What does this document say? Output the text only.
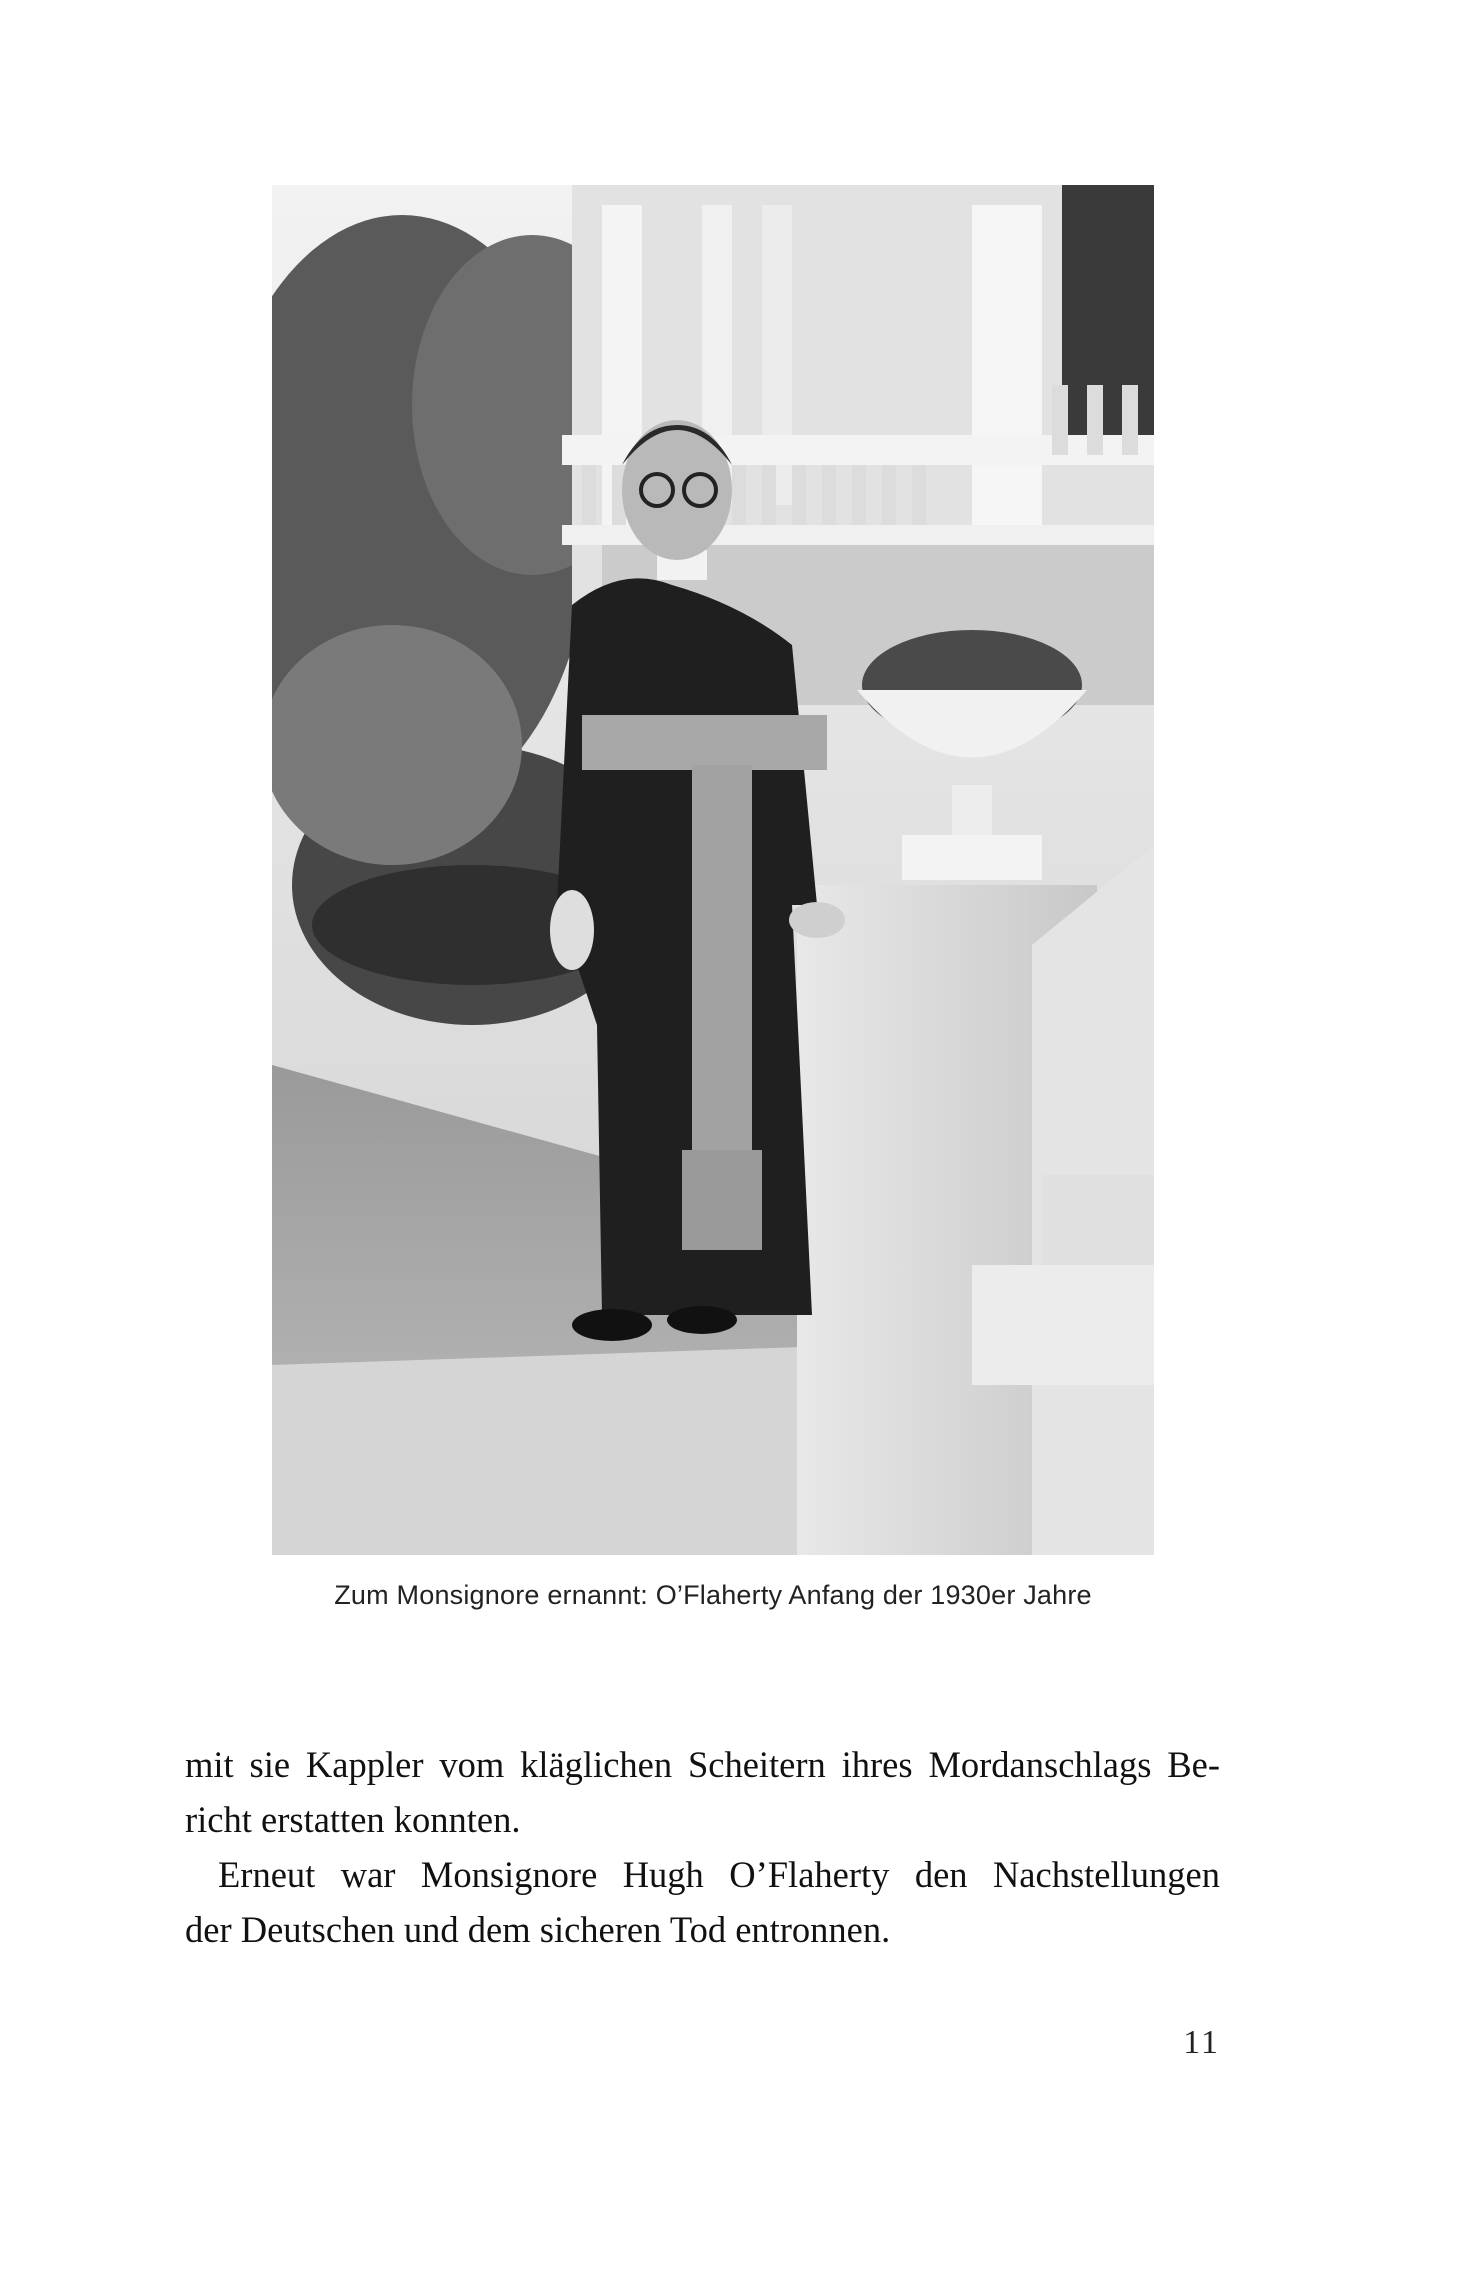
Zum Monsignore ernannt: O’Flaherty Anfang der 1930er Jahre

mit sie Kappler vom kläglichen Scheitern ihres Mordanschlags Be-
richt erstatten konnten.

Erneut war Monsignore Hugh O’Flaherty den Nachstellungen
der Deutschen und dem sicheren Tod entronnen.

11
